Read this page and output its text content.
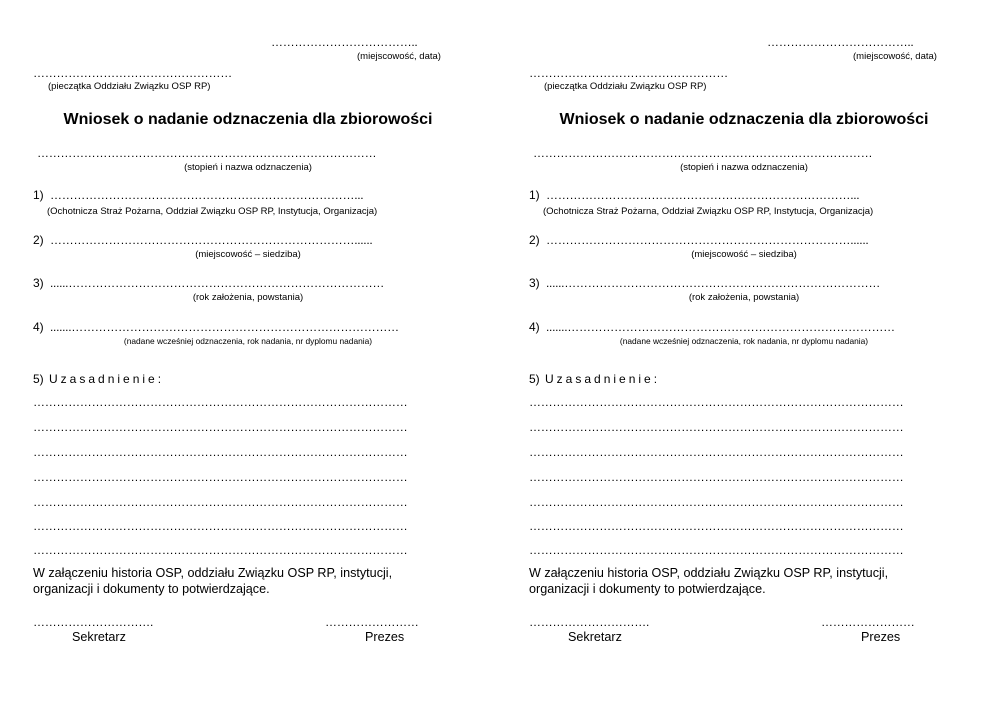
………………………………..
(miejscowość, data)
……………………………………………
(pieczątka Oddziału Związku OSP RP)
Wniosek o nadanie odznaczenia dla zbiorowości
……………………………………………………………………………
(stopień i nazwa odznaczenia)
1) ……………………………………………………………………...
(Ochotnicza Straż Pożarna, Oddział Związku OSP RP, Instytucja, Organizacja)
2) ……………………………………………………………………......
(miejscowość – siedziba)
3) ......………………………………………………………………………
(rok założenia, powstania)
4) .......…………………………………………………………………………
(nadane wcześniej odznaczenia, rok nadania, nr dyplomu nadania)
5) Uzasadnienie:
……………………………………………………………………………………
……………………………………………………………………………………
……………………………………………………………………………………
……………………………………………………………………………………
……………………………………………………………………………………
……………………………………………………………………………………
……………………………………………………………………………………
W załączeniu historia OSP, oddziału Związku OSP RP, instytucji,
organizacji i dokumenty to potwierdzające.
………………………….
Sekretarz
……………………
Prezes
………………………………..
(miejscowość, data)
……………………………………………
(pieczątka Oddziału Związku OSP RP)
Wniosek o nadanie odznaczenia dla zbiorowości
……………………………………………………………………………
(stopień i nazwa odznaczenia)
1) ……………………………………………………………………...
(Ochotnicza Straż Pożarna, Oddział Związku OSP RP, Instytucja, Organizacja)
2) ……………………………………………………………………......
(miejscowość – siedziba)
3) ......………………………………………………………………………
(rok założenia, powstania)
4) .......…………………………………………………………………………
(nadane wcześniej odznaczenia, rok nadania, nr dyplomu nadania)
5) Uzasadnienie:
……………………………………………………………………………………
……………………………………………………………………………………
……………………………………………………………………………………
……………………………………………………………………………………
……………………………………………………………………………………
……………………………………………………………………………………
……………………………………………………………………………………
W załączeniu historia OSP, oddziału Związku OSP RP, instytucji,
organizacji i dokumenty to potwierdzające.
………………………….
Sekretarz
……………………
Prezes
